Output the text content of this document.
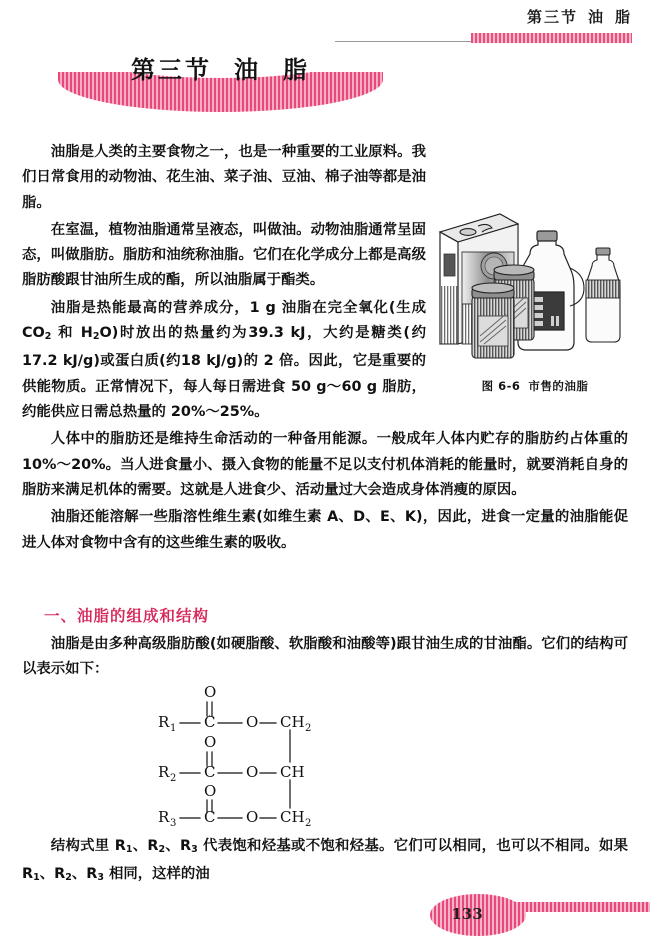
第三节 油 脂
第三节 油 脂
图 6-6 市售的油脂

油脂是人类的主要食物之一，也是一种重要的工业原料。我们日常食用的动物油、花生油、菜子油、豆油、棉子油等都是油脂。

在室温，植物油脂通常呈液态，叫做油。动物油脂通常呈固态，叫做脂肪。脂肪和油统称油脂。它们在化学成分上都是高级脂肪酸跟甘油所生成的酯，所以油脂属于酯类。

油脂是热能最高的营养成分，1 g 油脂在完全氧化(生成 $CO_2$ 和 $H_2O$)时放出的热量约为39.3 kJ，大约是糖类(约17.2 kJ/g)或蛋白质(约18 kJ/g)的 2 倍。因此，它是重要的供能物质。正常情况下，每人每日需进食 50 g～60 g 脂肪，约能供应日需总热量的 20%～25%。

人体中的脂肪还是维持生命活动的一种备用能源。一般成年人体内贮存的脂肪约占体重的 10%～20%。当人进食量小、摄入食物的能量不足以支付机体消耗的能量时，就要消耗自身的脂肪来满足机体的需要。这就是人进食少、活动量过大会造成身体消瘦的原因。

油脂还能溶解一些脂溶性维生素(如维生素 A、D、E、K)，因此，进食一定量的油脂能促进人体对食物中含有的这些维生素的吸收。

一、油脂的组成和结构

油脂是由多种高级脂肪酸(如硬脂酸、软脂酸和油酸等)跟甘油生成的甘油酯。它们的结构可以表示如下：

R 1 C O CH 2
O
R 2 C O CH
O
R 3 C O CH 2
O

结构式里 $R_1$、$R_2$、$R_3$ 代表饱和烃基或不饱和烃基。它们可以相同，也可以不相同。如果 $R_1$、$R_2$、$R_3$ 相同，这样的油

133
